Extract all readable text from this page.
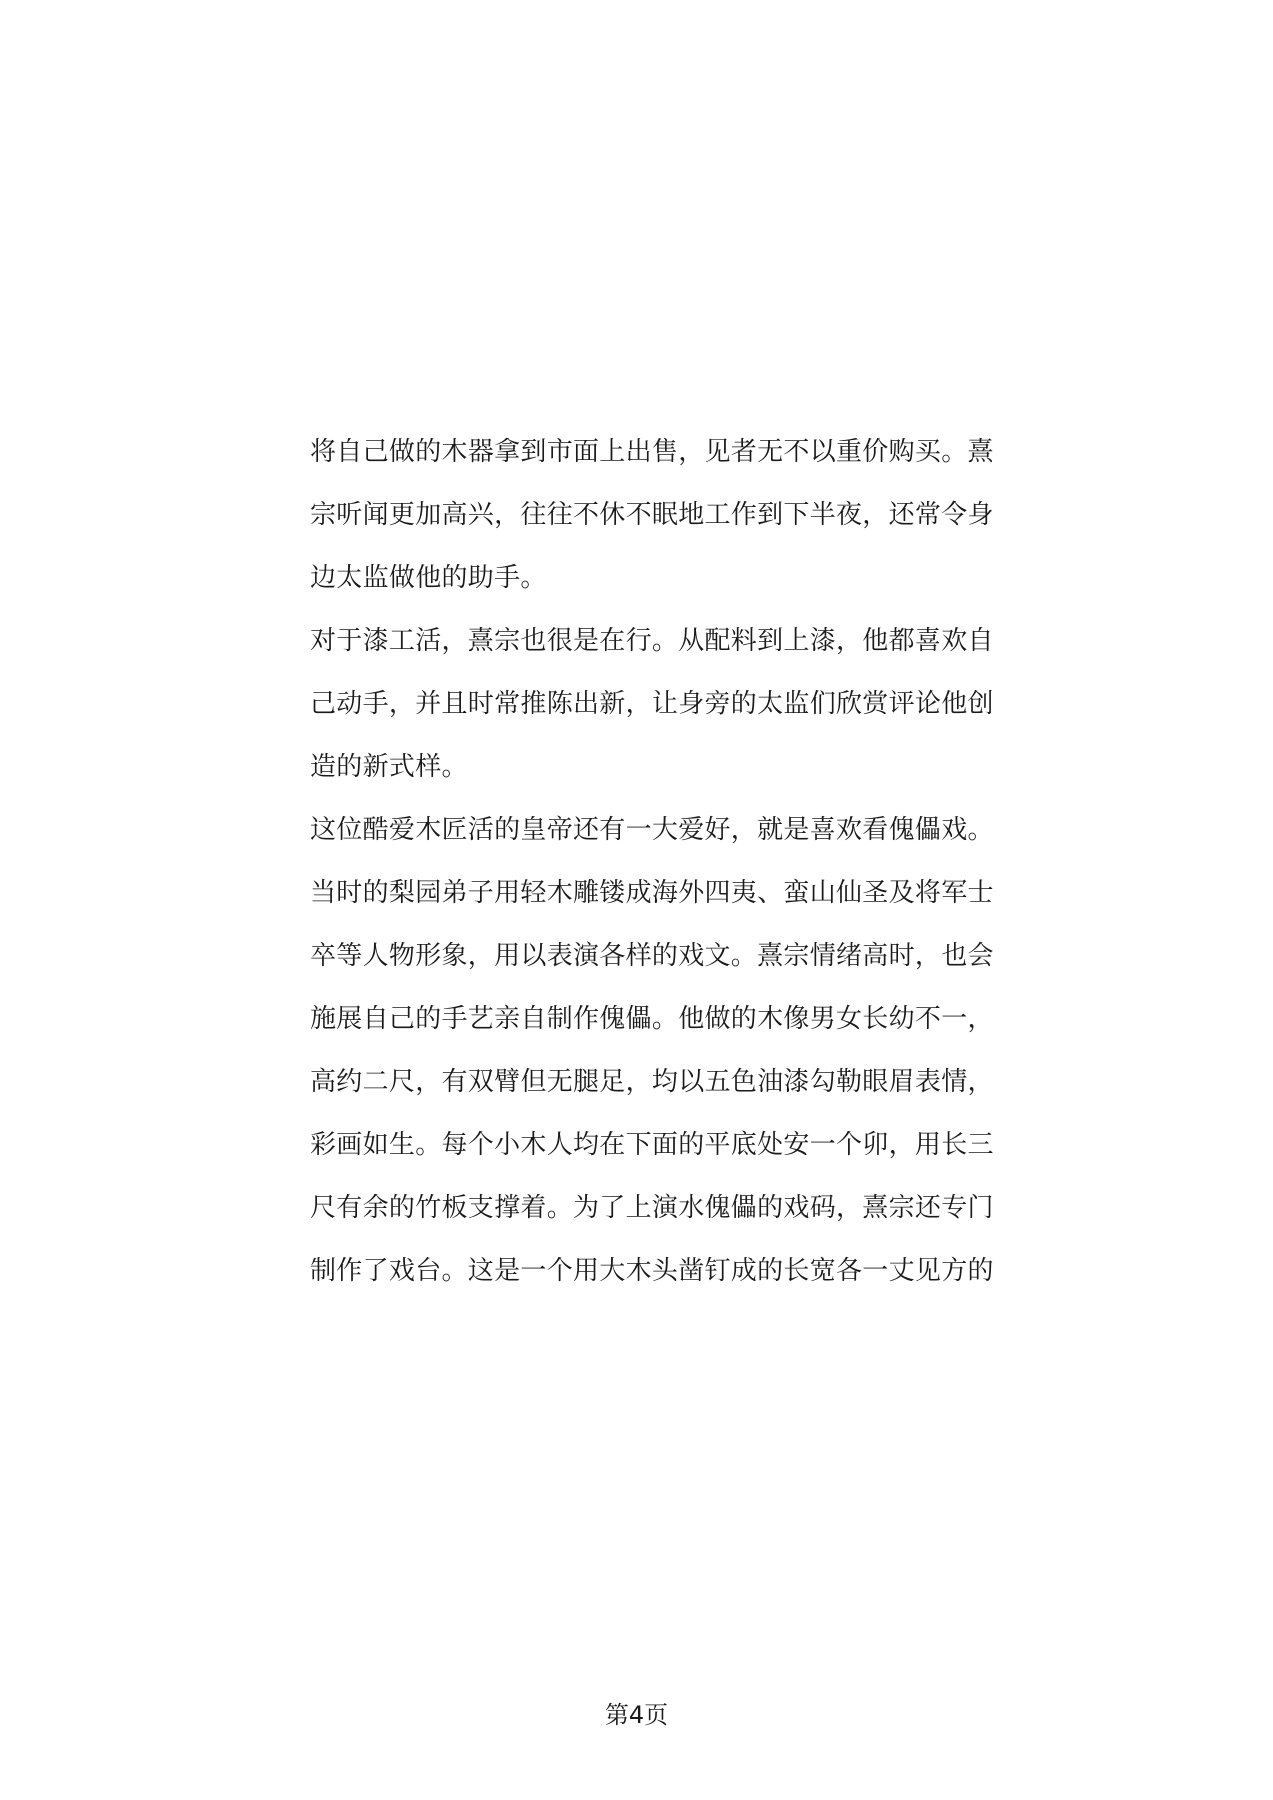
将自己做的木器拿到市面上出售，见者无不以重价购买。熹
宗听闻更加高兴，往往不休不眠地工作到下半夜，还常令身
边太监做他的助手。
对于漆工活，熹宗也很是在行。从配料到上漆，他都喜欢自
己动手，并且时常推陈出新，让身旁的太监们欣赏评论他创
造的新式样。
这位酷爱木匠活的皇帝还有一大爱好，就是喜欢看傀儡戏。
当时的梨园弟子用轻木雕镂成海外四夷、蛮山仙圣及将军士
卒等人物形象，用以表演各样的戏文。熹宗情绪高时，也会
施展自己的手艺亲自制作傀儡。他做的木像男女长幼不一，
高约二尺，有双臂但无腿足，均以五色油漆勾勒眼眉表情，
彩画如生。每个小木人均在下面的平底处安一个卯，用长三
尺有余的竹板支撑着。为了上演水傀儡的戏码，熹宗还专门
制作了戏台。这是一个用大木头凿钉成的长宽各一丈见方的
第4页
